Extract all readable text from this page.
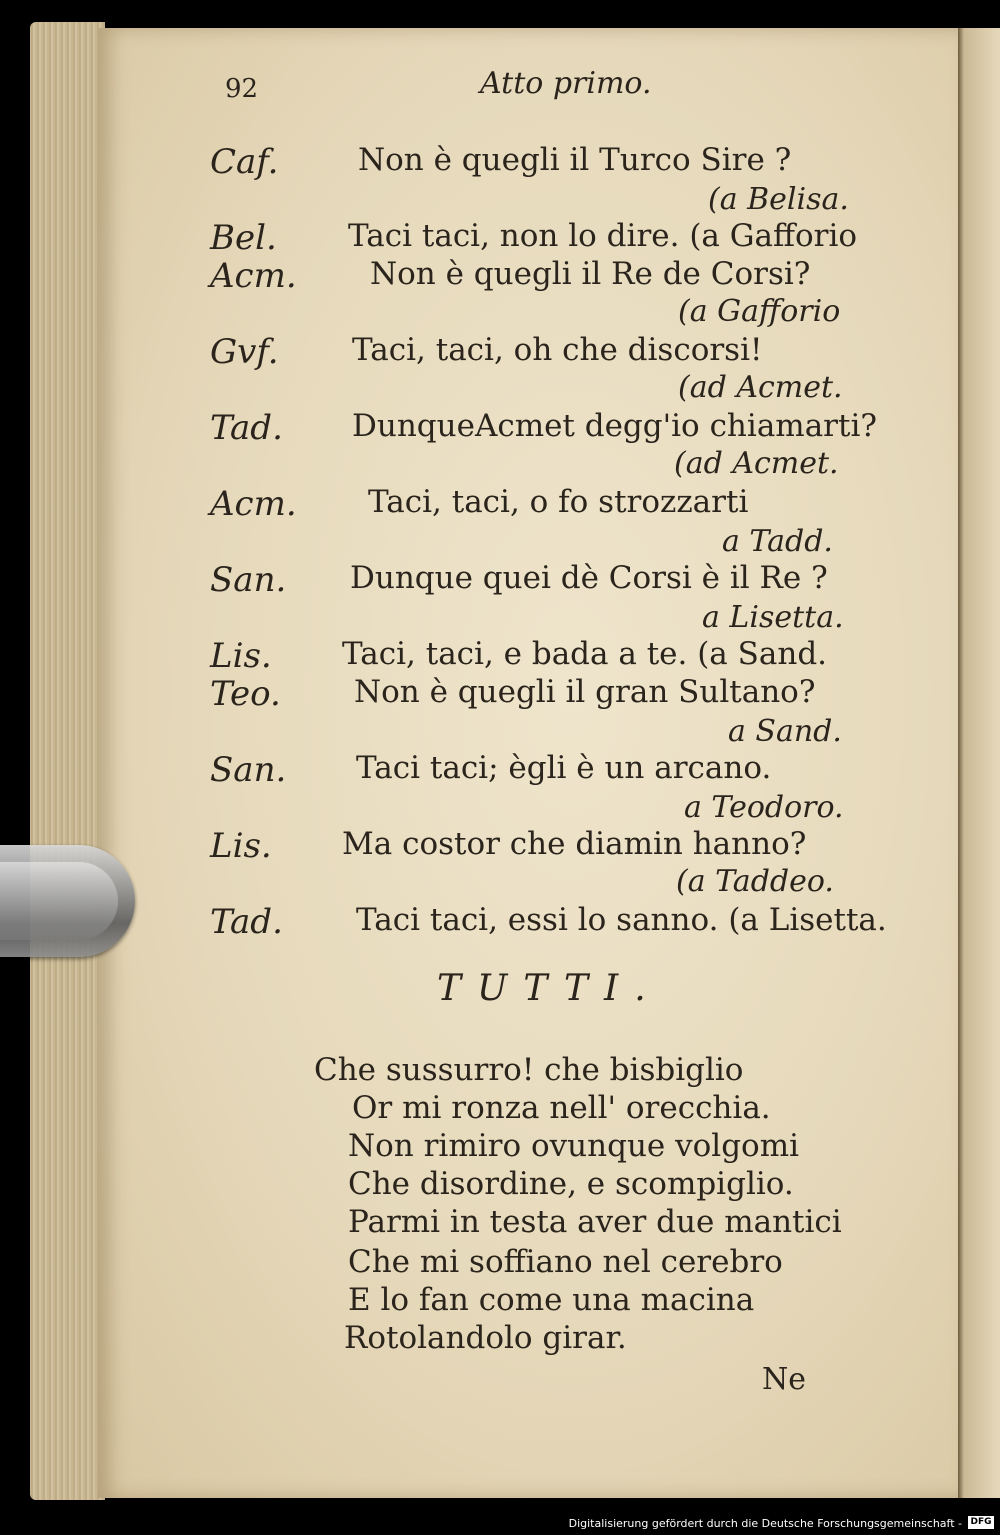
92	Atto primo.
Caf.	Non è quegli il Turco Sire ?
(a Belisa.
Bel. Taci taci, non lo dire. (a Gafforio
Acm. Non è quegli il Re de Corsi?
(a Gafforio
Gvf. Taci, taci, oh che discorsi!
(ad Acmet.
Tad. DunqueAcmet degg'io chiamarti?
(ad Acmet.
Acm. Taci, taci, o fo strozzarti
a Tadd.
San. Dunque quei dè Corsi è il Re ?
a Lisetta.
Lis. Taci, taci, e bada a te. (a Sand.
Teo. Non è quegli il gran Sultano?
a Sand.
San. Taci taci; ègli è un arcano.
a Teodoro.
Lis. Ma costor che diamin hanno?
(a Taddeo.
Tad. Taci taci, essi lo sanno. (a Lisetta.
TUTTI.
Che sussurro! che bisbiglio
Or mi ronza nell' orecchia.
Non rimiro ovunque volgomi
Che disordine, e scompiglio.
Parmi in testa aver due mantici
Che mi soffiano nel cerebro
E lo fan come una macina
Rotolandolo girar.
Ne
Digitalisierung gefördert durch die Deutsche Forschungsgemeinschaft - DFG
